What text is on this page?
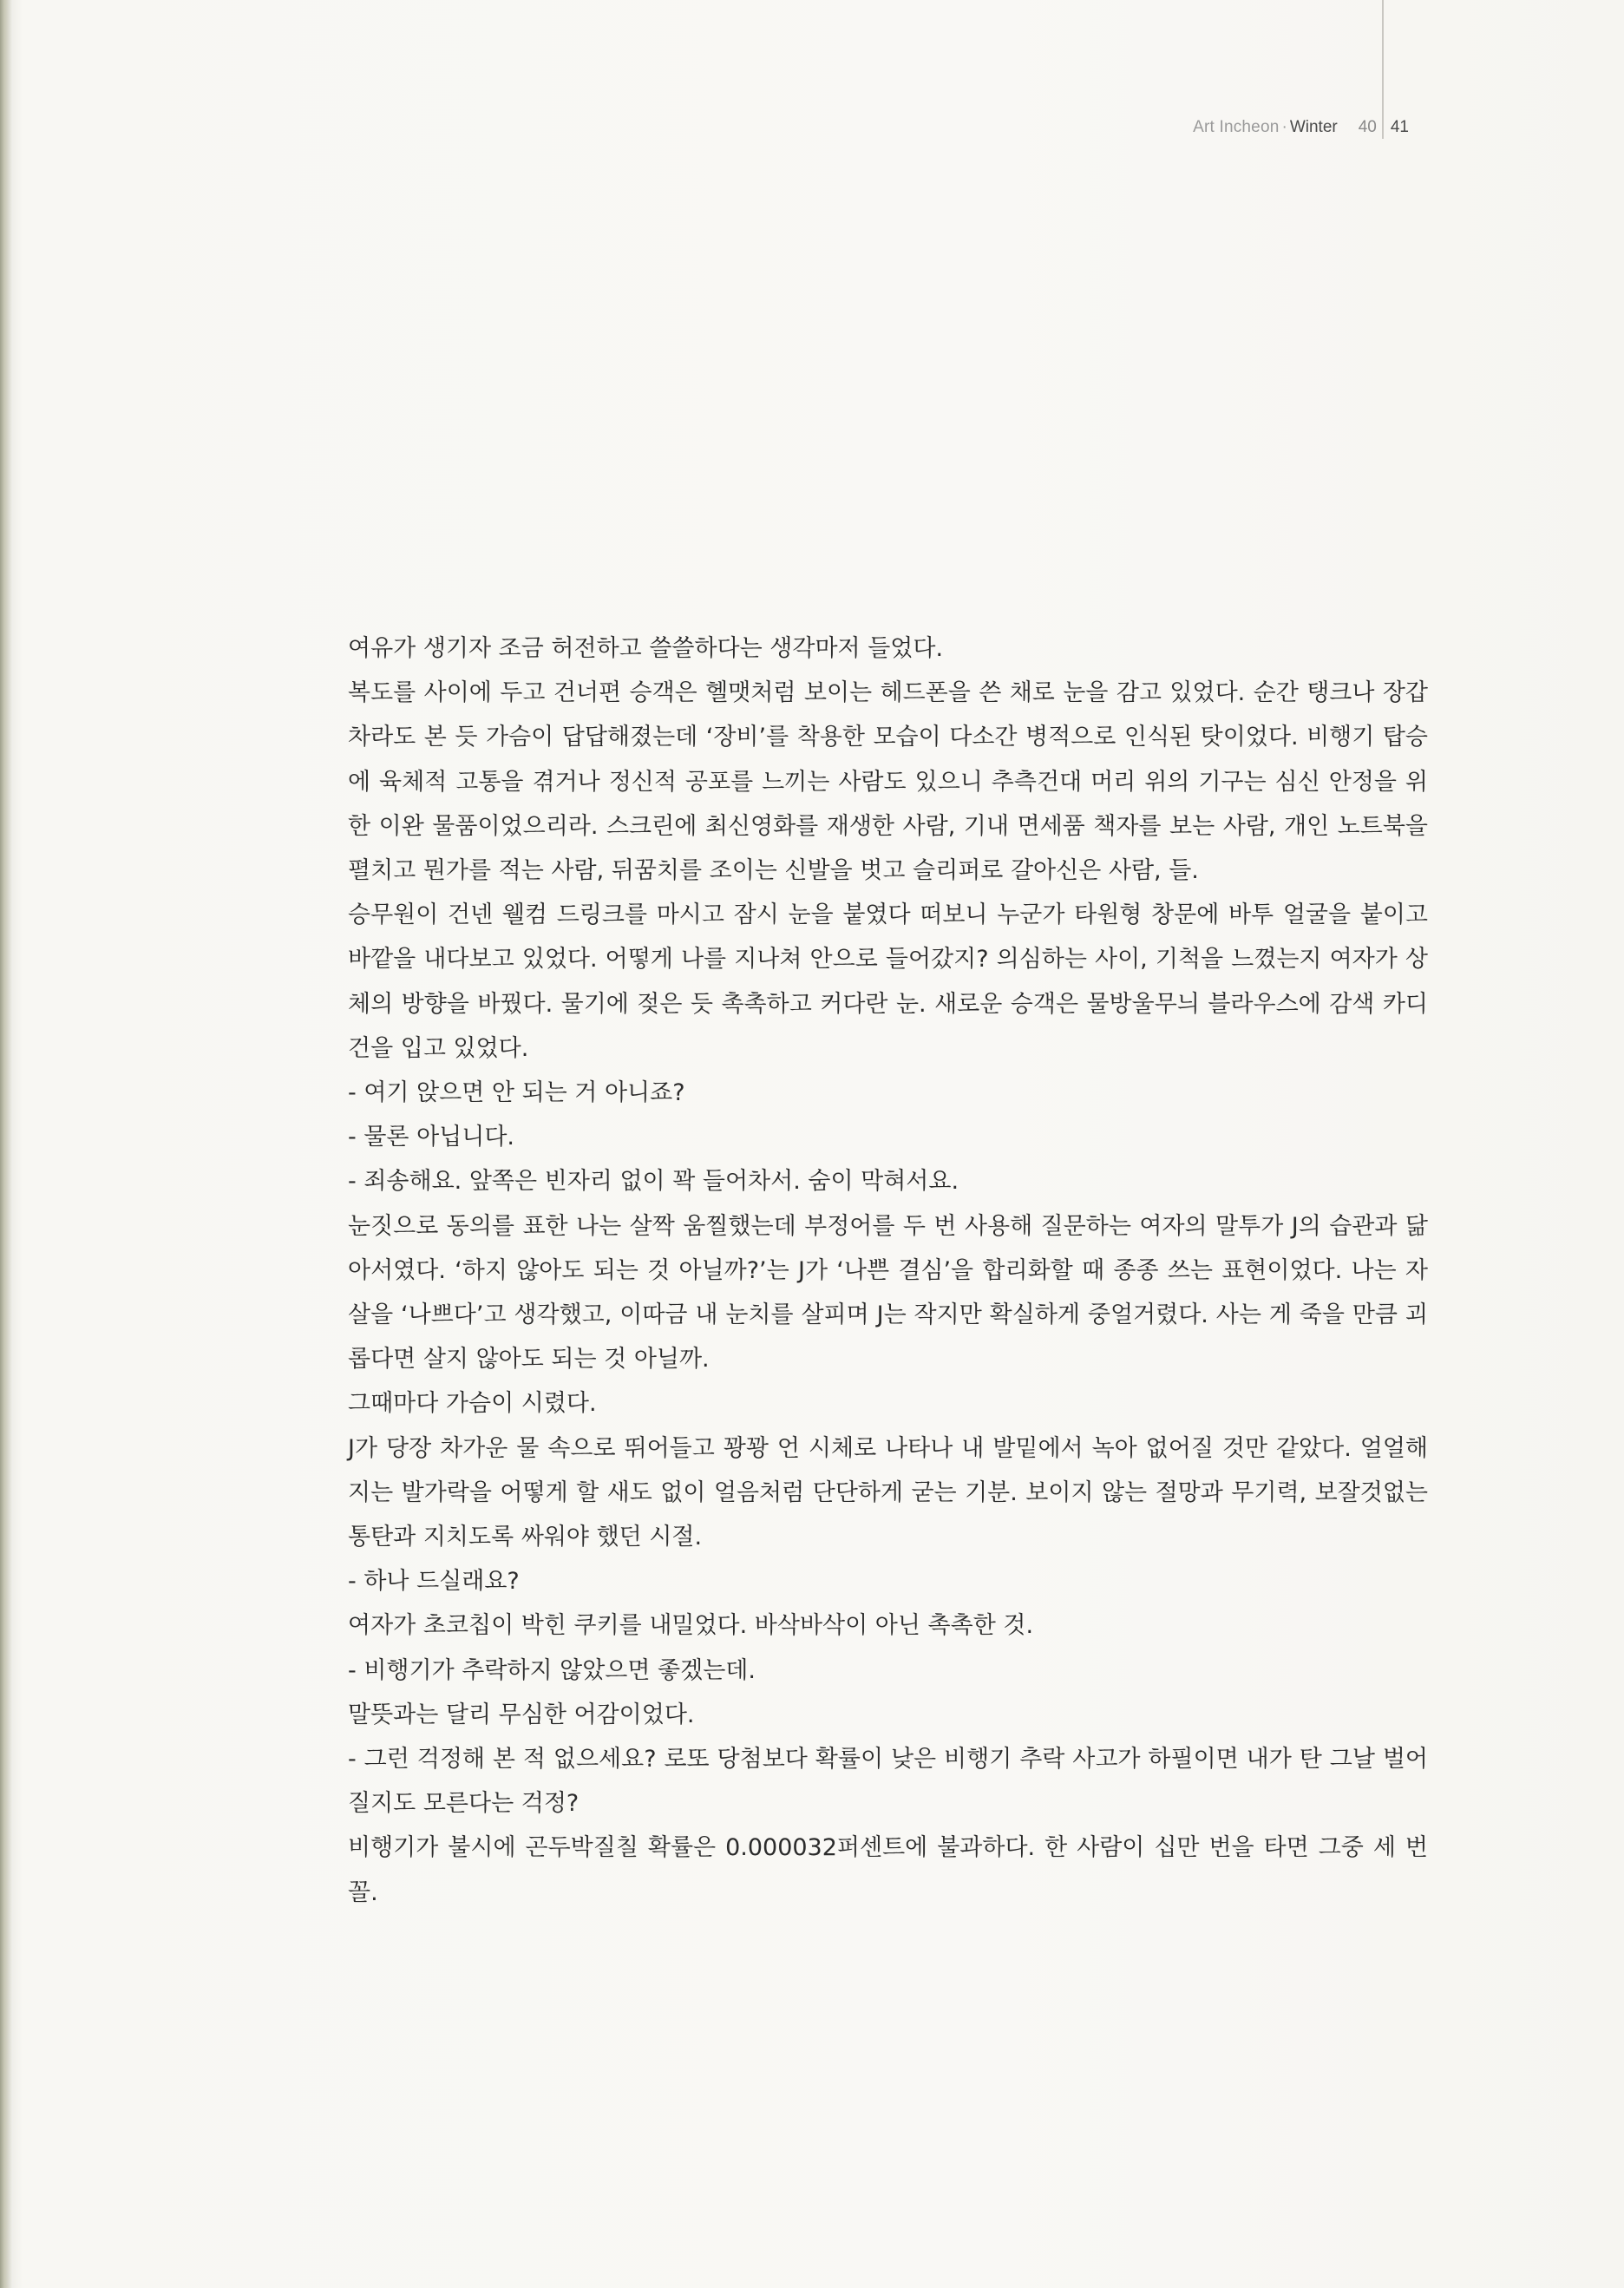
Art Incheon · Winter 40 41

여유가 생기자 조금 허전하고 쓸쓸하다는 생각마저 들었다.

복도를 사이에 두고 건너편 승객은 헬맷처럼 보이는 헤드폰을 쓴 채로 눈을 감고 있었다. 순간 탱크나 장갑차라도 본 듯 가슴이 답답해졌는데 ‘장비’를 착용한 모습이 다소간 병적으로 인식된 탓이었다. 비행기 탑승에 육체적 고통을 겪거나 정신적 공포를 느끼는 사람도 있으니 추측건대 머리 위의 기구는 심신 안정을 위한 이완 물품이었으리라. 스크린에 최신영화를 재생한 사람, 기내 면세품 책자를 보는 사람, 개인 노트북을 펼치고 뭔가를 적는 사람, 뒤꿈치를 조이는 신발을 벗고 슬리퍼로 갈아신은 사람, 들.

승무원이 건넨 웰컴 드링크를 마시고 잠시 눈을 붙였다 떠보니 누군가 타원형 창문에 바투 얼굴을 붙이고 바깥을 내다보고 있었다. 어떻게 나를 지나쳐 안으로 들어갔지? 의심하는 사이, 기척을 느꼈는지 여자가 상체의 방향을 바꿨다. 물기에 젖은 듯 촉촉하고 커다란 눈. 새로운 승객은 물방울무늬 블라우스에 감색 카디건을 입고 있었다.

- 여기 앉으면 안 되는 거 아니죠?

- 물론 아닙니다.

- 죄송해요. 앞쪽은 빈자리 없이 꽉 들어차서. 숨이 막혀서요.

눈짓으로 동의를 표한 나는 살짝 움찔했는데 부정어를 두 번 사용해 질문하는 여자의 말투가 J의 습관과 닮아서였다. ‘하지 않아도 되는 것 아닐까?’는 J가 ‘나쁜 결심’을 합리화할 때 종종 쓰는 표현이었다. 나는 자살을 ‘나쁘다’고 생각했고, 이따금 내 눈치를 살피며 J는 작지만 확실하게 중얼거렸다. 사는 게 죽을 만큼 괴롭다면 살지 않아도 되는 것 아닐까.

그때마다 가슴이 시렸다.

J가 당장 차가운 물 속으로 뛰어들고 꽝꽝 언 시체로 나타나 내 발밑에서 녹아 없어질 것만 같았다. 얼얼해지는 발가락을 어떻게 할 새도 없이 얼음처럼 단단하게 굳는 기분. 보이지 않는 절망과 무기력, 보잘것없는 통탄과 지치도록 싸워야 했던 시절.

- 하나 드실래요?

여자가 초코칩이 박힌 쿠키를 내밀었다. 바삭바삭이 아닌 촉촉한 것.

- 비행기가 추락하지 않았으면 좋겠는데.

말뜻과는 달리 무심한 어감이었다.

- 그런 걱정해 본 적 없으세요? 로또 당첨보다 확률이 낮은 비행기 추락 사고가 하필이면 내가 탄 그날 벌어질지도 모른다는 걱정?

비행기가 불시에 곤두박질칠 확률은 0.000032퍼센트에 불과하다. 한 사람이 십만 번을 타면 그중 세 번꼴.
